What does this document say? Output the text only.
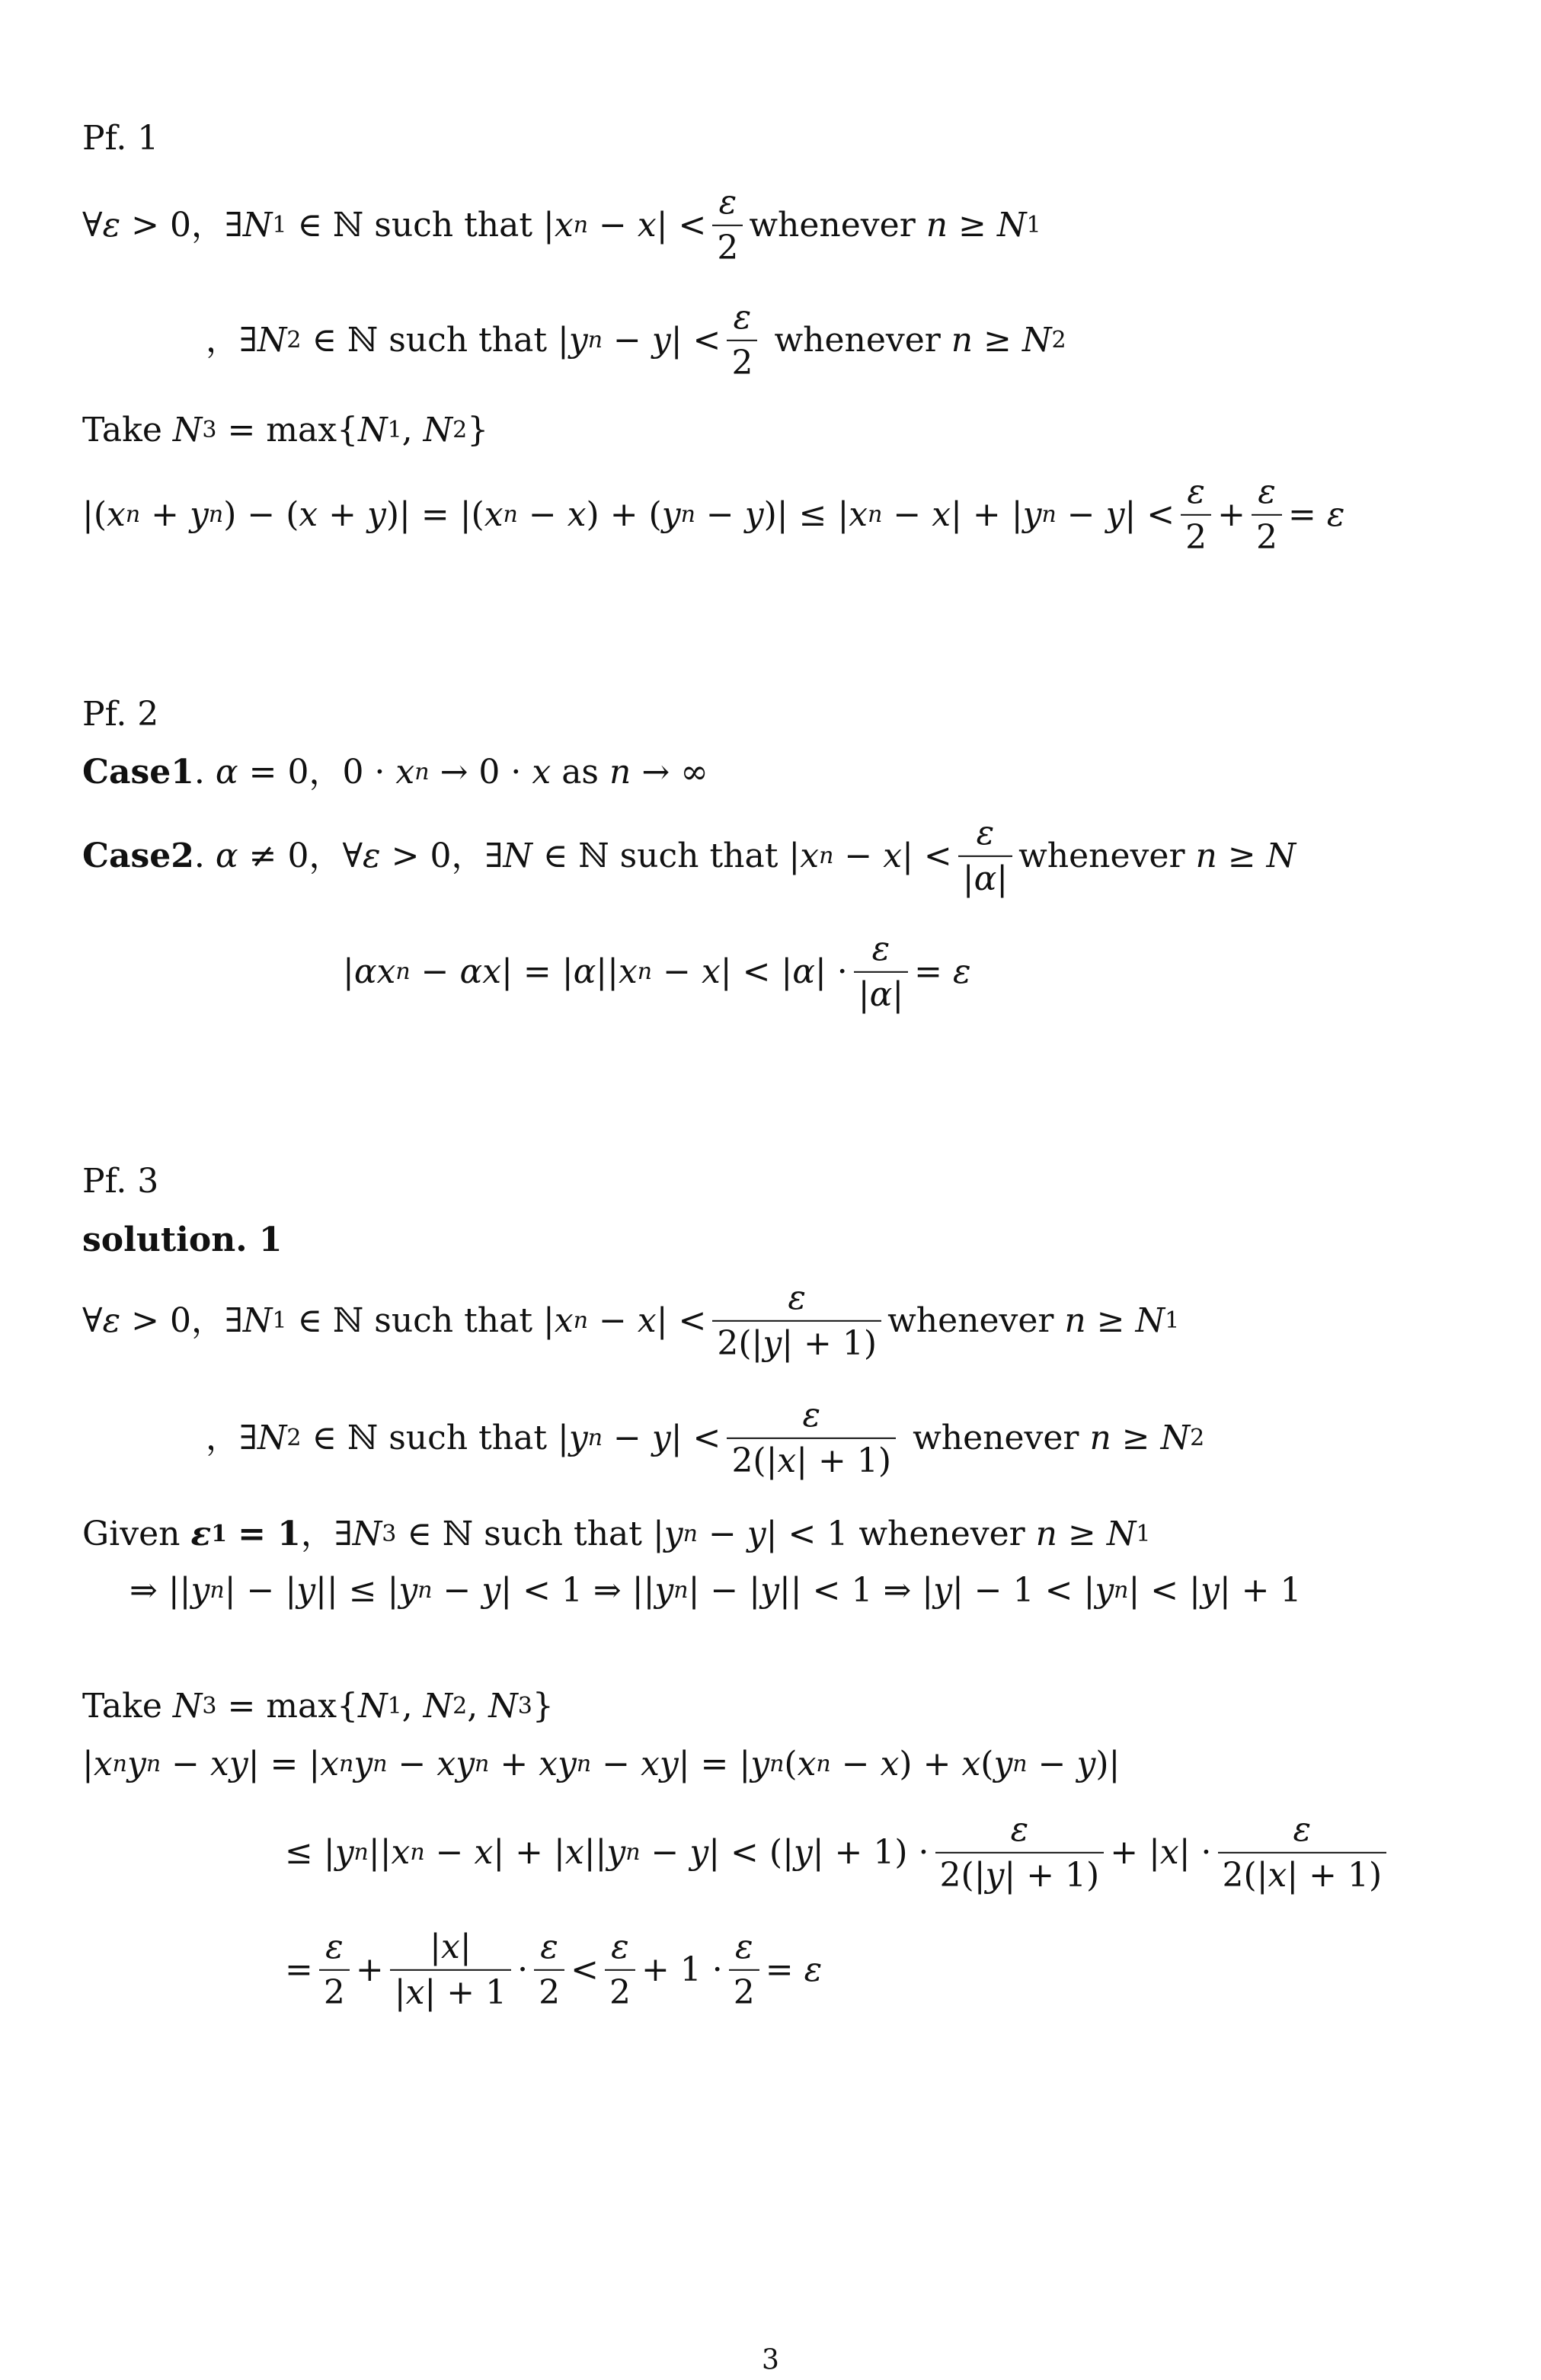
Pf. 1
∀ ε > 0，∃ N 1 ∈ ℕ such that | x n − x | < $\frac{\varepsilon}{2}$ whenever
n ≥ N 1
，∃ N 2 ∈ ℕ such that | y n − y | < $\frac{\varepsilon}{2}$
whenever
n ≥ N 2
Take
N 3 = max{ N 1 , N 2 }
|( x n + y n ) − ( x + y )| = |( x n − x ) + ( y n − y )| ≤ | x n − x | + | y n − y | < $\frac{\varepsilon}{2} + \frac{\varepsilon}{2} = \varepsilon$
Pf. 2
Case1 . α = 0，0 · x n → 0 · x
as
n → ∞
Case2 . α ≠ 0，∀ ε > 0，∃ N ∈ ℕ such that | x n − x | < $\frac{\varepsilon}{|\alpha|}$ whenever
n ≥ N
| αx n − αx | = | α || x n − x | < | α | · $\frac{\varepsilon}{|\alpha|} = \varepsilon$
Pf. 3
solution. 1
∀ ε > 0，∃ N 1 ∈ ℕ such that | x n − x | < $\frac{\varepsilon}{2(|y| + 1)}$ whenever
n ≥ N 1
，∃ N 2 ∈ ℕ such that | y n − y | < $\frac{\varepsilon}{2(|x| + 1)}$
whenever
n ≥ N 2
Given
ε 1
= 1 ，∃ N 3 ∈ ℕ such that | y n − y | < 1 whenever
n ≥ N 1
⇒ || y n | − | y || ≤ | y n − y | < 1 ⇒ || y n | − | y || < 1 ⇒ | y | − 1 < | y n | < | y | + 1
Take
N 3 = max{ N 1 , N 2 , N 3 }
| x n y n − xy | = | x n y n − xy n + xy n − xy | = | y n ( x n − x ) + x ( y n − y )|
≤ | y n || x n − x | + | x || y n − y | < (| y | + $1) \cdot \frac{\varepsilon}{2(|y| + 1)}$ + | x | · $\frac{\varepsilon}{2(|x| + 1)}$
= $\frac{\varepsilon}{2} + \frac{|x|}{|x| + 1} \cdot \frac{\varepsilon}{2} < \frac{\varepsilon}{2} + 1 \cdot \frac{\varepsilon}{2} = \varepsilon$
3
